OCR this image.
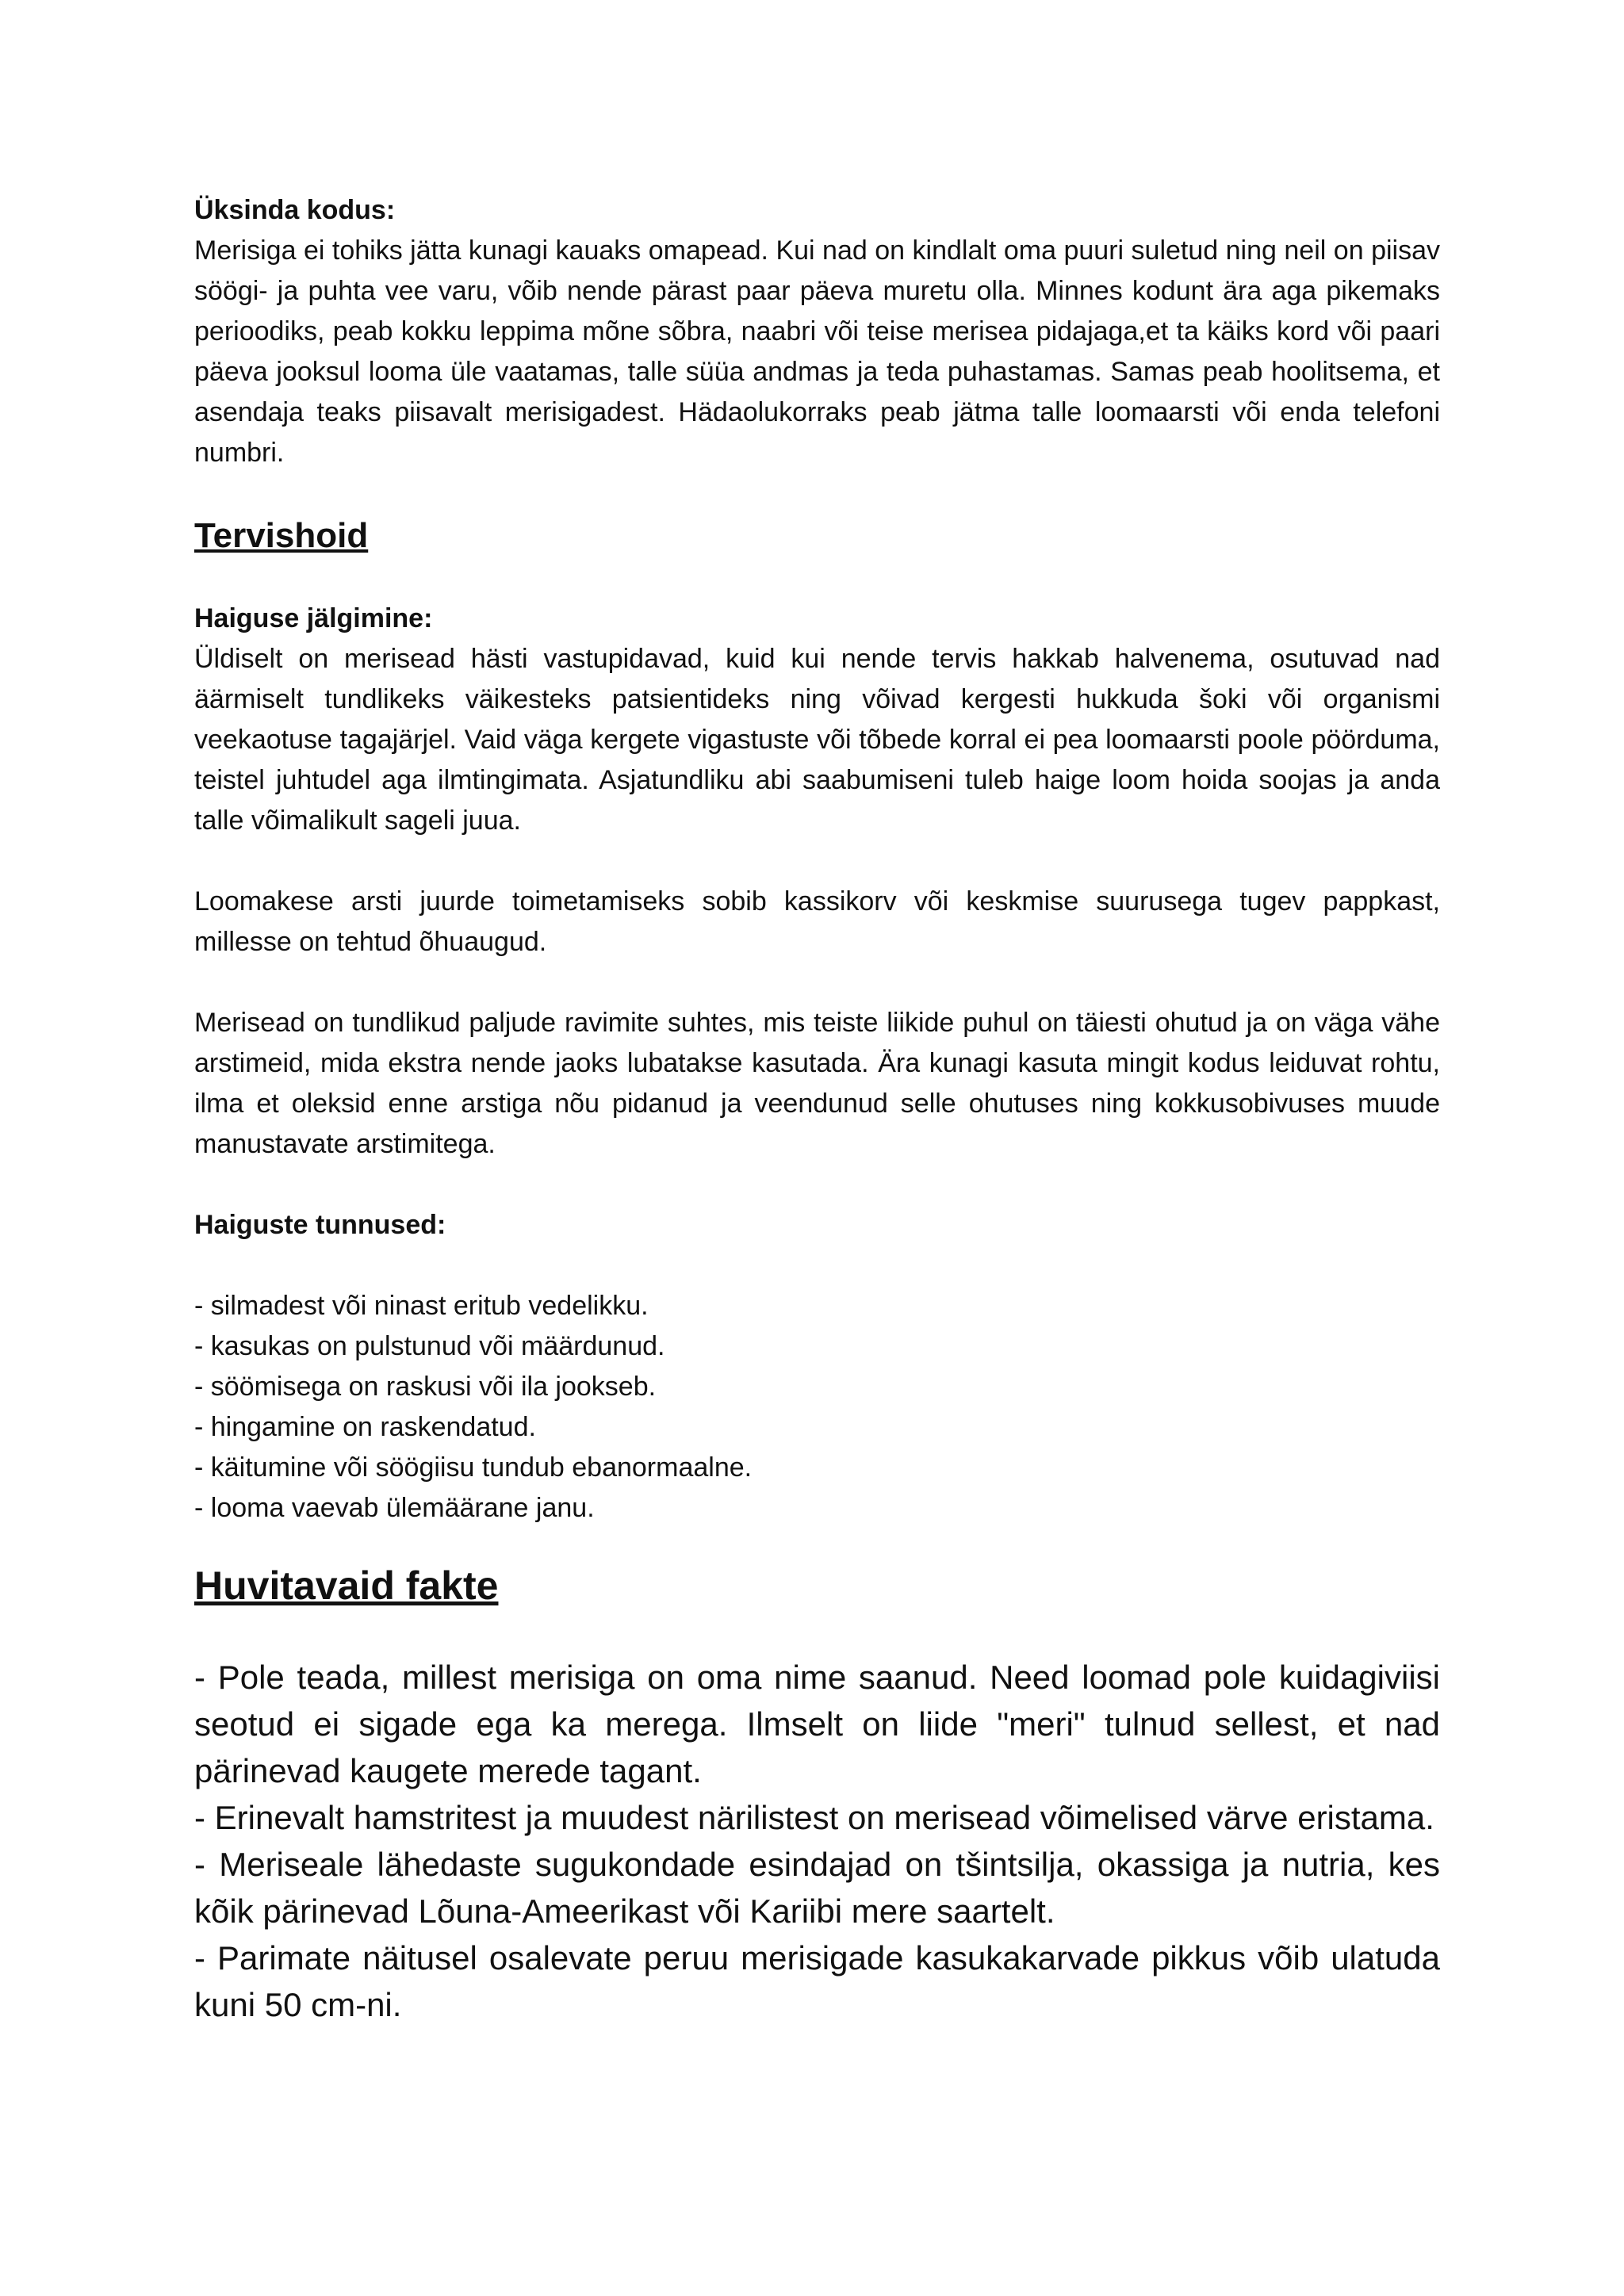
Üksinda kodus:

Merisiga ei tohiks jätta kunagi kauaks omapead. Kui nad on kindlalt oma puuri suletud ning neil on piisav söögi- ja puhta vee varu, võib nende pärast paar päeva muretu olla. Minnes kodunt ära aga pikemaks perioodiks, peab kokku leppima mõne sõbra, naabri või teise merisea pidajaga,et ta käiks kord või paari päeva jooksul looma üle vaatamas, talle süüa andmas ja teda puhastamas. Samas peab hoolitsema, et asendaja teaks piisavalt merisigadest. Hädaolukorraks peab jätma talle loomaarsti või enda telefoni numbri.

Tervishoid

Haiguse jälgimine:

Üldiselt on merisead hästi vastupidavad, kuid kui nende tervis hakkab halvenema, osutuvad nad äärmiselt tundlikeks väikesteks patsientideks ning võivad kergesti hukkuda šoki või organismi veekaotuse tagajärjel. Vaid väga kergete vigastuste või tõbede korral ei pea loomaarsti poole pöörduma, teistel juhtudel aga ilmtingimata. Asjatundliku abi saabumiseni tuleb haige loom hoida soojas ja anda talle võimalikult sageli juua.

Loomakese arsti juurde toimetamiseks sobib kassikorv või keskmise suurusega tugev pappkast, millesse on tehtud õhuaugud.

Merisead on tundlikud paljude ravimite suhtes, mis teiste liikide puhul on täiesti ohutud ja on väga vähe arstimeid, mida ekstra nende jaoks lubatakse kasutada. Ära kunagi kasuta mingit kodus leiduvat rohtu, ilma et oleksid enne arstiga nõu pidanud ja veendunud selle ohutuses ning kokkusobivuses muude manustavate arstimitega.

Haiguste tunnused:

- silmadest või ninast eritub vedelikku.
- kasukas on pulstunud või määrdunud.
- söömisega on raskusi või ila jookseb.
- hingamine on raskendatud.
- käitumine või söögiisu tundub ebanormaalne.
- looma vaevab ülemäärane janu.

Huvitavaid fakte

- Pole teada, millest merisiga on oma nime saanud. Need loomad pole kuidagiviisi seotud ei sigade ega ka merega. Ilmselt on liide "meri" tulnud sellest, et nad pärinevad kaugete merede tagant.

- Erinevalt hamstritest ja muudest närilistest on merisead võimelised värve eristama.

- Meriseale lähedaste sugukondade esindajad on tšintsilja, okassiga ja nutria, kes kõik pärinevad Lõuna-Ameerikast või Kariibi mere saartelt.

- Parimate näitusel osalevate peruu merisigade kasukakarvade pikkus võib ulatuda kuni 50 cm-ni.
